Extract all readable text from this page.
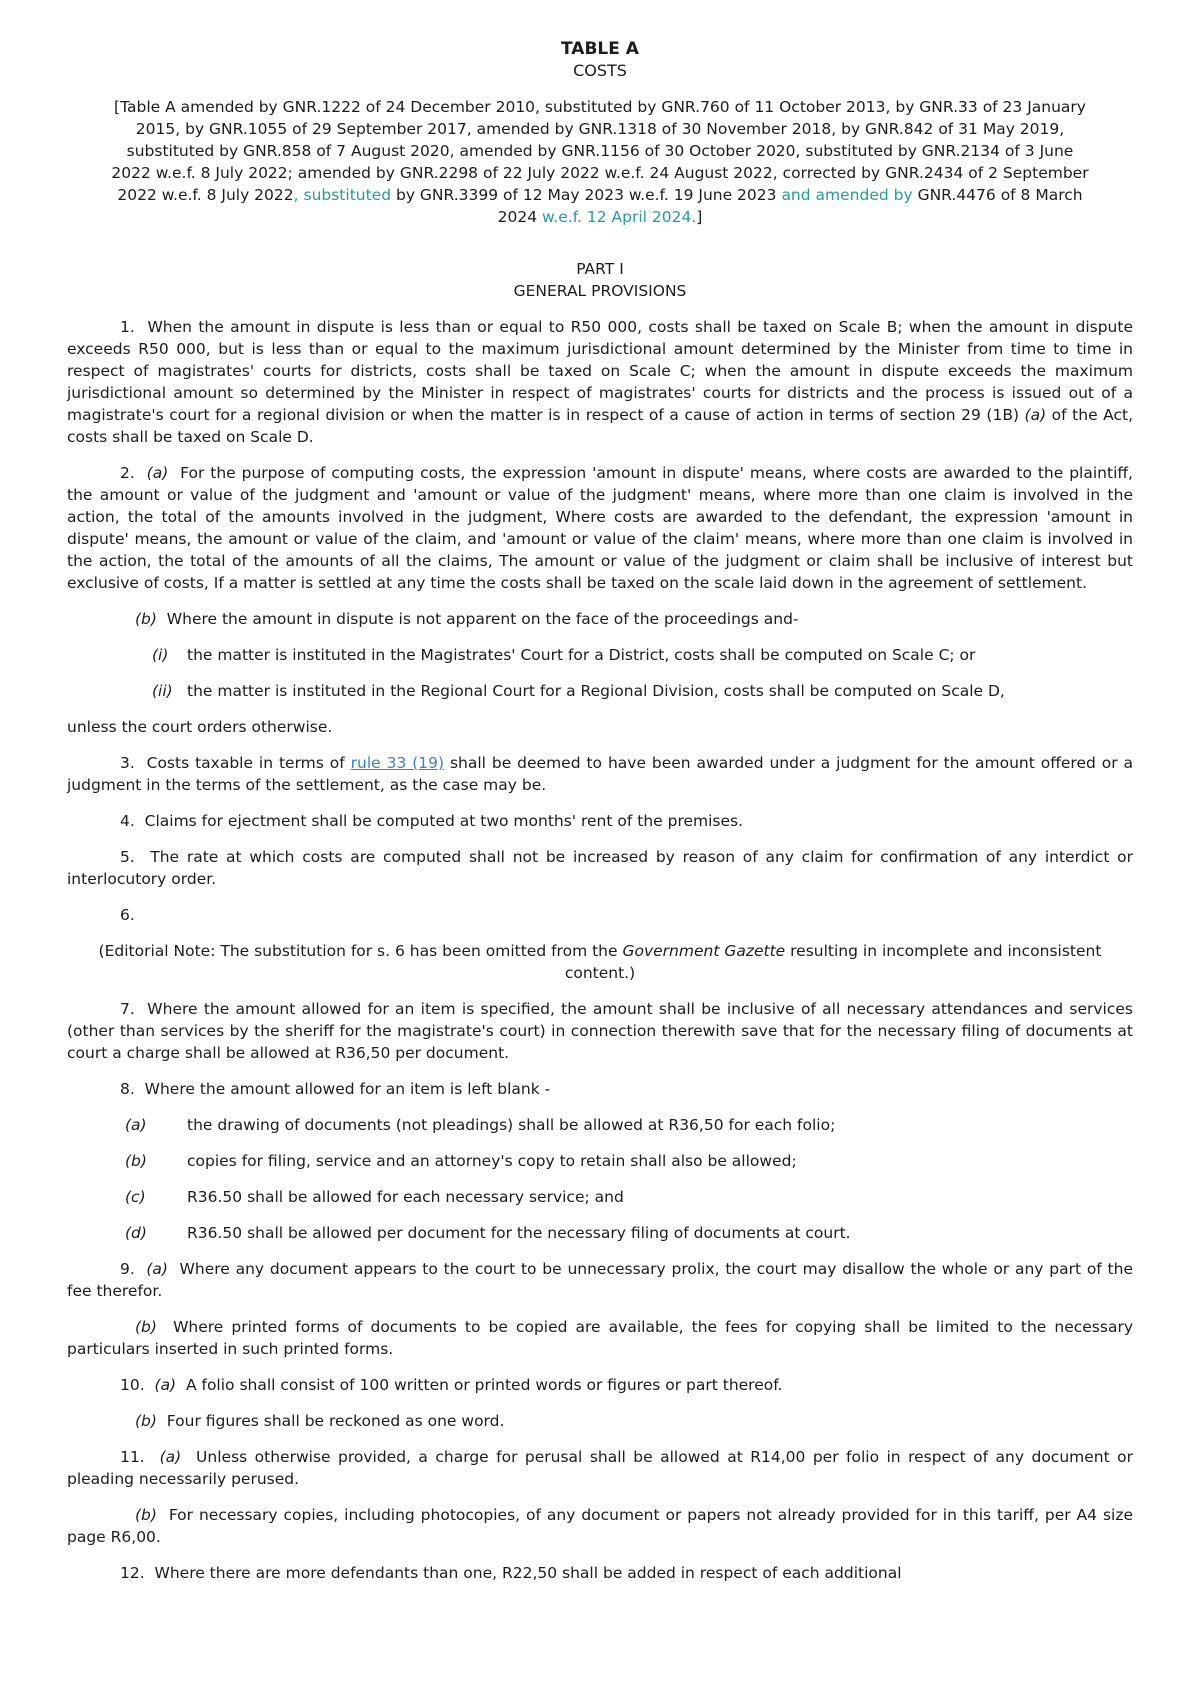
TABLE A
COSTS

[Table A amended by GNR.1222 of 24 December 2010, substituted by GNR.760 of 11 October 2013, by GNR.33 of 23 January 2015, by GNR.1055 of 29 September 2017, amended by GNR.1318 of 30 November 2018, by GNR.842 of 31 May 2019, substituted by GNR.858 of 7 August 2020, amended by GNR.1156 of 30 October 2020, substituted by GNR.2134 of 3 June 2022 w.e.f. 8 July 2022; amended by GNR.2298 of 22 July 2022 w.e.f. 24 August 2022, corrected by GNR.2434 of 2 September 2022 w.e.f. 8 July 2022, substituted by GNR.3399 of 12 May 2023 w.e.f. 19 June 2023 and amended by GNR.4476 of 8 March 2024 w.e.f. 12 April 2024.]

PART I
GENERAL PROVISIONS

1.  When the amount in dispute is less than or equal to R50 000, costs shall be taxed on Scale B; when the amount in dispute exceeds R50 000, but is less than or equal to the maximum jurisdictional amount determined by the Minister from time to time in respect of magistrates' courts for districts, costs shall be taxed on Scale C; when the amount in dispute exceeds the maximum jurisdictional amount so determined by the Minister in respect of magistrates' courts for districts and the process is issued out of a magistrate's court for a regional division or when the matter is in respect of a cause of action in terms of section 29 (1B) (a) of the Act, costs shall be taxed on Scale D.

2.  (a)  For the purpose of computing costs, the expression 'amount in dispute' means, where costs are awarded to the plaintiff, the amount or value of the judgment and 'amount or value of the judgment' means, where more than one claim is involved in the action, the total of the amounts involved in the judgment, Where costs are awarded to the defendant, the expression 'amount in dispute' means, the amount or value of the claim, and 'amount or value of the claim' means, where more than one claim is involved in the action, the total of the amounts of all the claims, The amount or value of the judgment or claim shall be inclusive of interest but exclusive of costs, If a matter is settled at any time the costs shall be taxed on the scale laid down in the agreement of settlement.

(b)  Where the amount in dispute is not apparent on the face of the proceedings and-

(i)	the matter is instituted in the Magistrates' Court for a District, costs shall be computed on Scale C; or
(ii) the matter is instituted in the Regional Court for a Regional Division, costs shall be computed on Scale D,

unless the court orders otherwise.

3.  Costs taxable in terms of rule 33 (19) shall be deemed to have been awarded under a judgment for the amount offered or a judgment in the terms of the settlement, as the case may be.

4.  Claims for ejectment shall be computed at two months' rent of the premises.

5.  The rate at which costs are computed shall not be increased by reason of any claim for confirmation of any interdict or interlocutory order.

6.

(Editorial Note: The substitution for s. 6 has been omitted from the Government Gazette resulting in incomplete and inconsistent content.)

7.  Where the amount allowed for an item is specified, the amount shall be inclusive of all necessary attendances and services (other than services by the sheriff for the magistrate's court) in connection therewith save that for the necessary filing of documents at court a charge shall be allowed at R36,50 per document.

8.  Where the amount allowed for an item is left blank -

(a)	the drawing of documents (not pleadings) shall be allowed at R36,50 for each folio;
(b)	copies for filing, service and an attorney's copy to retain shall also be allowed;
(c)	R36.50 shall be allowed for each necessary service; and
(d)	R36.50 shall be allowed per document for the necessary filing of documents at court.

9.  (a)  Where any document appears to the court to be unnecessary prolix, the court may disallow the whole or any part of the fee therefor.

(b)  Where printed forms of documents to be copied are available, the fees for copying shall be limited to the necessary particulars inserted in such printed forms.

10.  (a)  A folio shall consist of 100 written or printed words or figures or part thereof.

(b)  Four figures shall be reckoned as one word.

11.  (a)  Unless otherwise provided, a charge for perusal shall be allowed at R14,00 per folio in respect of any document or pleading necessarily perused.

(b)  For necessary copies, including photocopies, of any document or papers not already provided for in this tariff, per A4 size page R6,00.

12.  Where there are more defendants than one, R22,50 shall be added in respect of each additional
